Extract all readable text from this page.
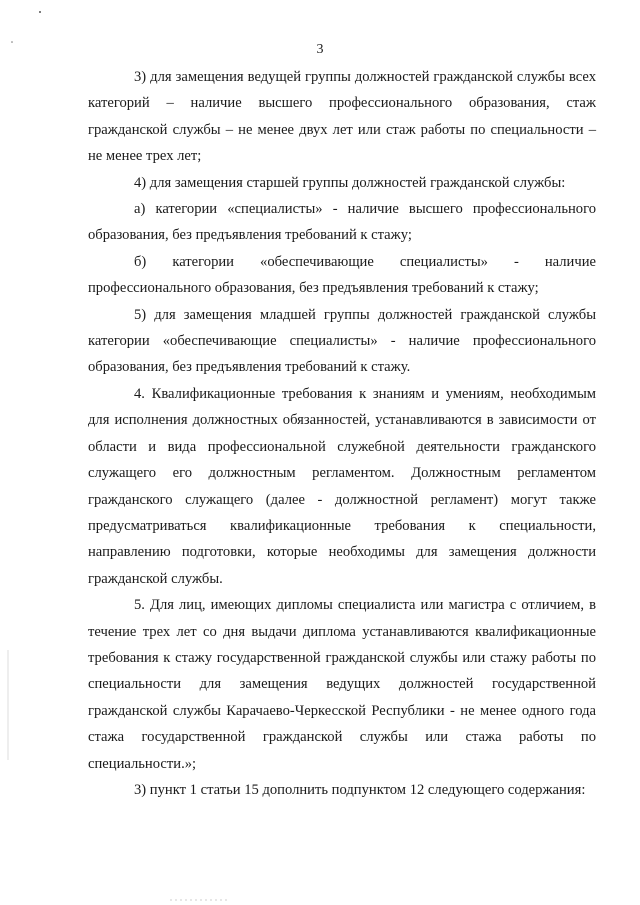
3

3) для замещения ведущей группы должностей гражданской службы всех категорий – наличие высшего профессионального образования, стаж гражданской службы – не менее двух лет или стаж работы по специальности – не менее трех лет;

4) для замещения старшей группы должностей гражданской службы:

а) категории «специалисты» - наличие высшего профессионального образования, без предъявления требований к стажу;

б) категории «обеспечивающие специалисты» - наличие профессионального образования, без предъявления требований к стажу;

5) для замещения младшей группы должностей гражданской службы категории «обеспечивающие специалисты» - наличие профессионального образования, без предъявления требований к стажу.

4. Квалификационные требования к знаниям и умениям, необходимым для исполнения должностных обязанностей, устанавливаются в зависимости от области и вида профессиональной служебной деятельности гражданского служащего его должностным регламентом. Должностным регламентом гражданского служащего (далее - должностной регламент) могут также предусматриваться квалификационные требования к специальности, направлению подготовки, которые необходимы для замещения должности гражданской службы.

5. Для лиц, имеющих дипломы специалиста или магистра с отличием, в течение трех лет со дня выдачи диплома устанавливаются квалификационные требования к стажу государственной гражданской службы или стажу работы по специальности для замещения ведущих должностей государственной гражданской службы Карачаево-Черкесской Республики - не менее одного года стажа государственной гражданской службы или стажа работы по специальности.»;

3) пункт 1 статьи 15 дополнить подпунктом 12 следующего содержания:
